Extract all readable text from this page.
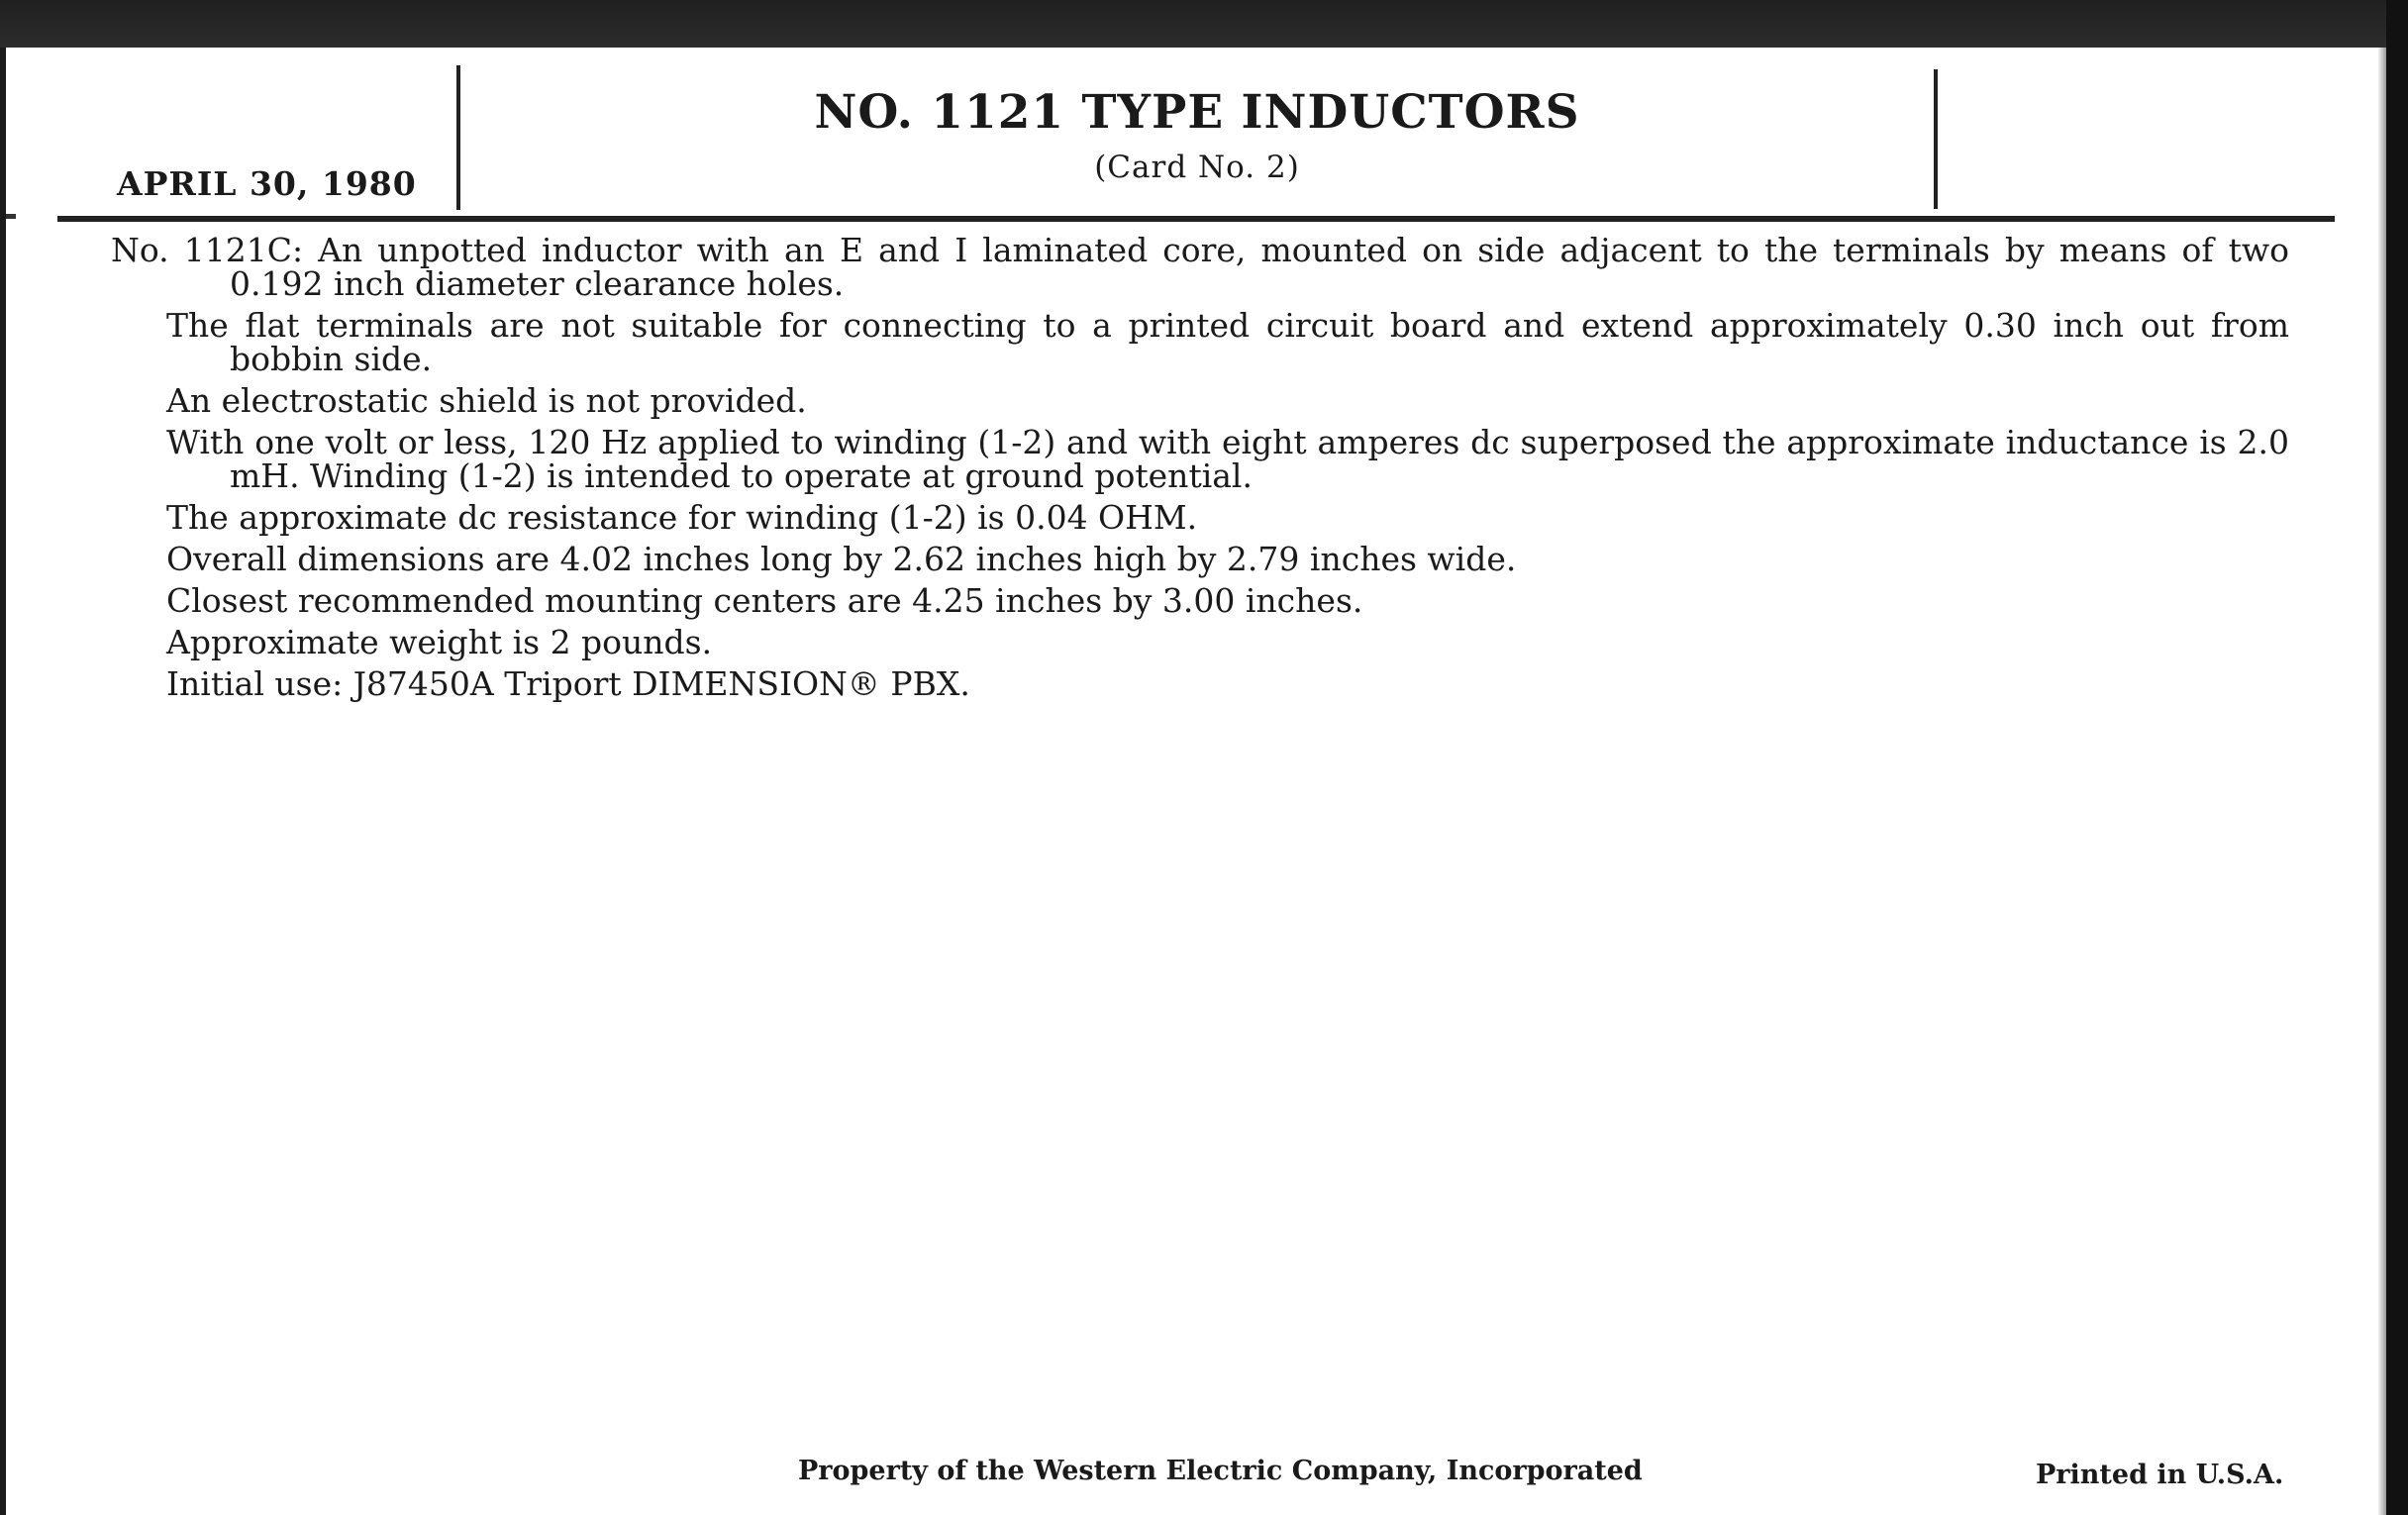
APRIL 30, 1980
NO. 1121 TYPE INDUCTORS
(Card No. 2)

No. 1121C: An unpotted inductor with an E and I laminated core, mounted on side adjacent to the terminals by means of two 0.192 inch diameter clearance holes.

The flat terminals are not suitable for connecting to a printed circuit board and extend approximately 0.30 inch out from bobbin side.

An electrostatic shield is not provided.

With one volt or less, 120 Hz applied to winding (1-2) and with eight amperes dc superposed the approximate inductance is 2.0 mH. Winding (1-2) is intended to operate at ground potential.

The approximate dc resistance for winding (1-2) is 0.04 OHM.

Overall dimensions are 4.02 inches long by 2.62 inches high by 2.79 inches wide.

Closest recommended mounting centers are 4.25 inches by 3.00 inches.

Approximate weight is 2 pounds.

Initial use: J87450A Triport DIMENSION® PBX.

Property of the Western Electric Company, Incorporated	Printed in U.S.A.
